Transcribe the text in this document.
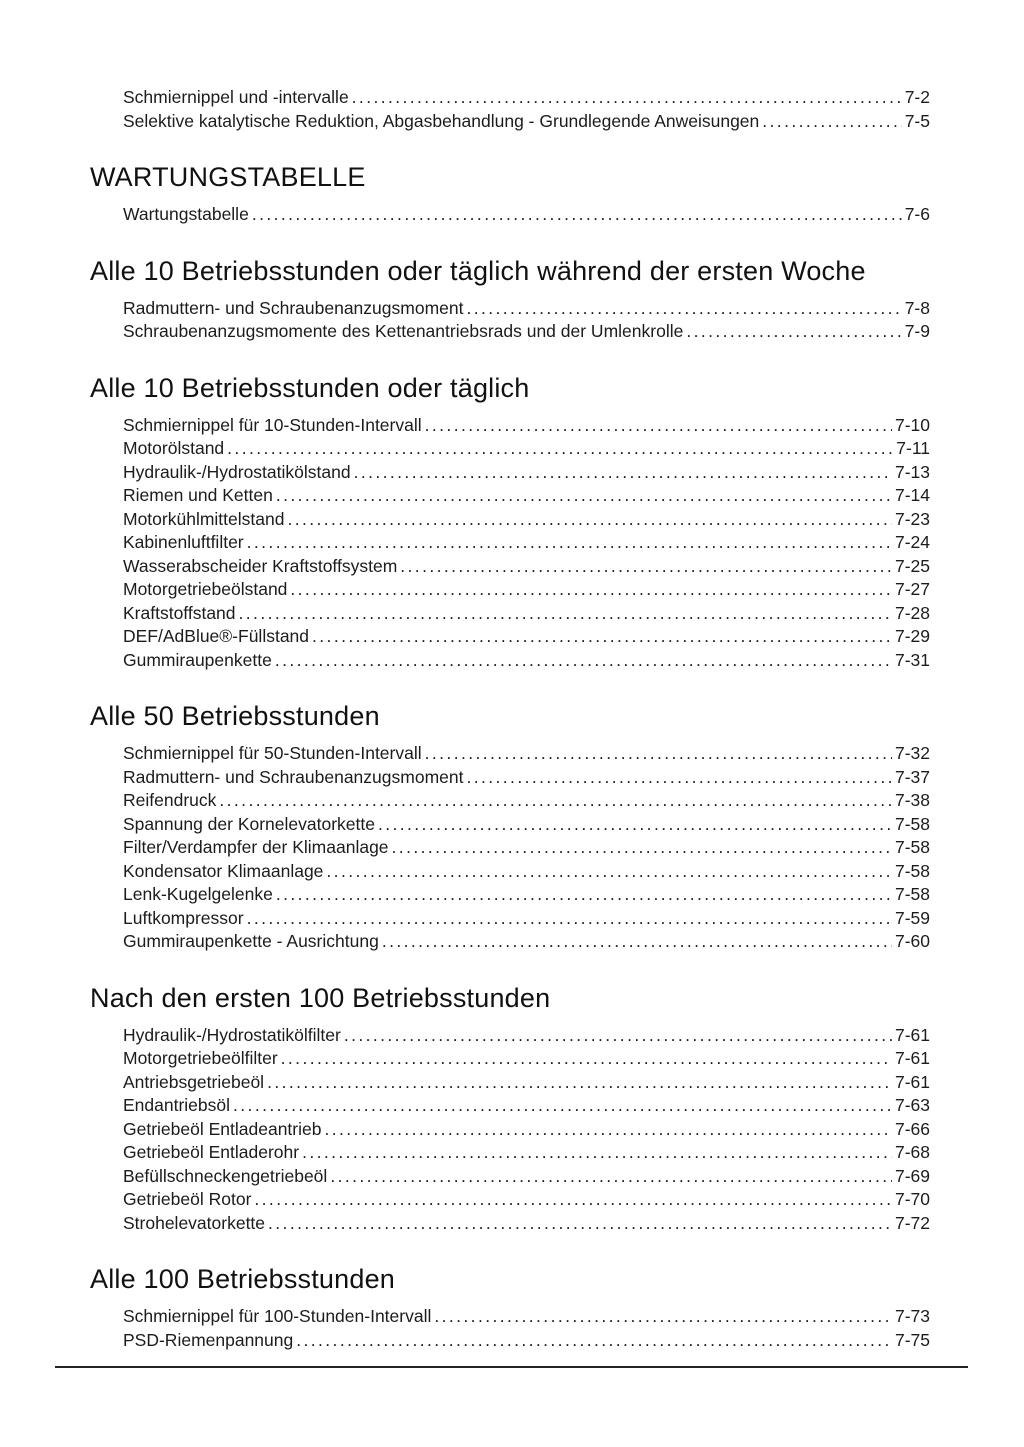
Schmiernippel und -intervalle .....	7-2
Selektive katalytische Reduktion, Abgasbehandlung - Grundlegende Anweisungen .....	7-5
WARTUNGSTABELLE
Wartungstabelle .....	7-6
Alle 10 Betriebsstunden oder täglich während der ersten Woche
Radmuttern- und Schraubenanzugsmoment .....	7-8
Schraubenanzugsmomente des Kettenantriebsrads und der Umlenkrolle .....	7-9
Alle 10 Betriebsstunden oder täglich
Schmiernippel für 10-Stunden-Intervall .....	7-10
Motorölstand .....	7-11
Hydraulik-/Hydrostatikölstand .....	7-13
Riemen und Ketten .....	7-14
Motorkühlmittelstand .....	7-23
Kabinenluftfilter .....	7-24
Wasserabscheider Kraftstoffsystem .....	7-25
Motorgetriebeölstand .....	7-27
Kraftstoffstand .....	7-28
DEF/AdBlue®-Füllstand .....	7-29
Gummiraupenkette .....	7-31
Alle 50 Betriebsstunden
Schmiernippel für 50-Stunden-Intervall .....	7-32
Radmuttern- und Schraubenanzugsmoment .....	7-37
Reifendruck .....	7-38
Spannung der Kornelevatorkette .....	7-58
Filter/Verdampfer der Klimaanlage .....	7-58
Kondensator Klimaanlage .....	7-58
Lenk-Kugelgelenke .....	7-58
Luftkompressor .....	7-59
Gummiraupenkette - Ausrichtung .....	7-60
Nach den ersten 100 Betriebsstunden
Hydraulik-/Hydrostatikölfilter .....	7-61
Motorgetriebeölfilter .....	7-61
Antriebsgetriebeöl .....	7-61
Endantriebsöl .....	7-63
Getriebeöl Entladeantrieb .....	7-66
Getriebeöl Entladerohr .....	7-68
Befüllschneckengetriebeöl .....	7-69
Getriebeöl Rotor .....	7-70
Strohelevatorkette .....	7-72
Alle 100 Betriebsstunden
Schmiernippel für 100-Stunden-Intervall .....	7-73
PSD-Riemenpannung .....	7-75
